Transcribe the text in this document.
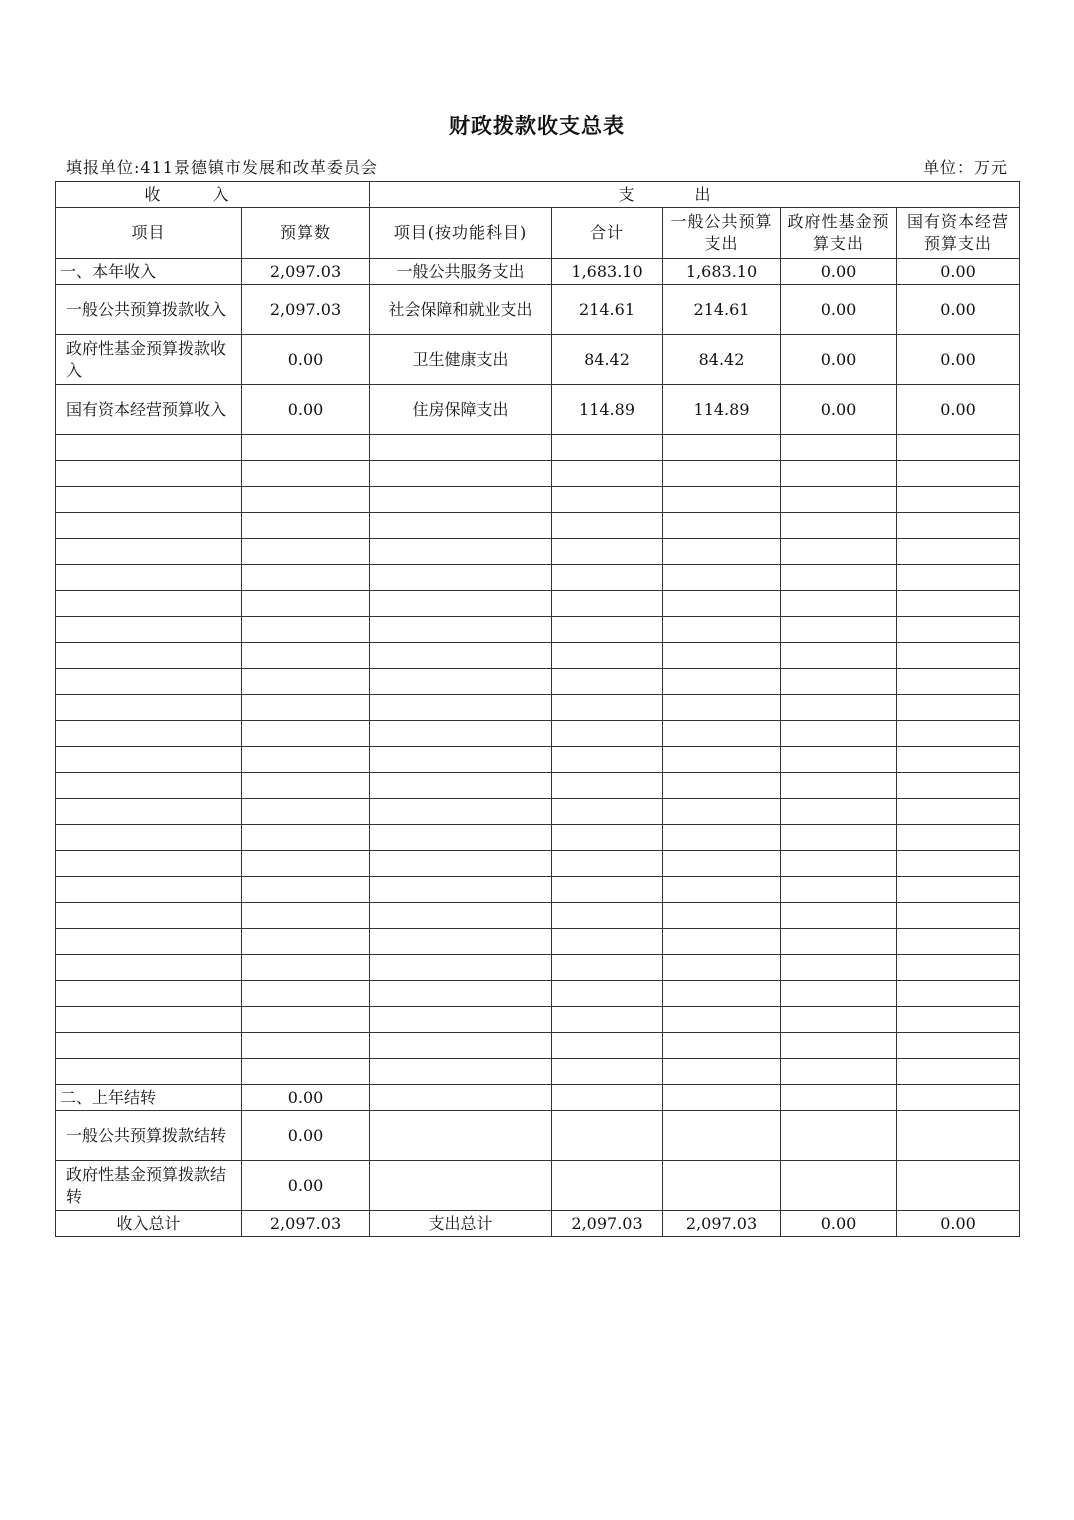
财政拨款收支总表
填报单位:411景德镇市发展和改革委员会	单位：万元
收入		支出				
项目	预算数	项目(按功能科目)	合计	一般公共预算支出	政府性基金预算支出	国有资本经营预算支出
一、本年收入	2,097.03	一般公共服务支出	1,683.10	1,683.10	0.00	0.00
一般公共预算拨款收入	2,097.03	社会保障和就业支出	214.61	214.61	0.00	0.00
政府性基金预算拨款收入	0.00	卫生健康支出	84.42	84.42	0.00	0.00
国有资本经营预算收入	0.00	住房保障支出	114.89	114.89	0.00	0.00

二、上年结转	0.00					
一般公共预算拨款结转	0.00					
政府性基金预算拨款结转	0.00					
收入总计	2,097.03	支出总计	2,097.03	2,097.03	0.00	0.00
